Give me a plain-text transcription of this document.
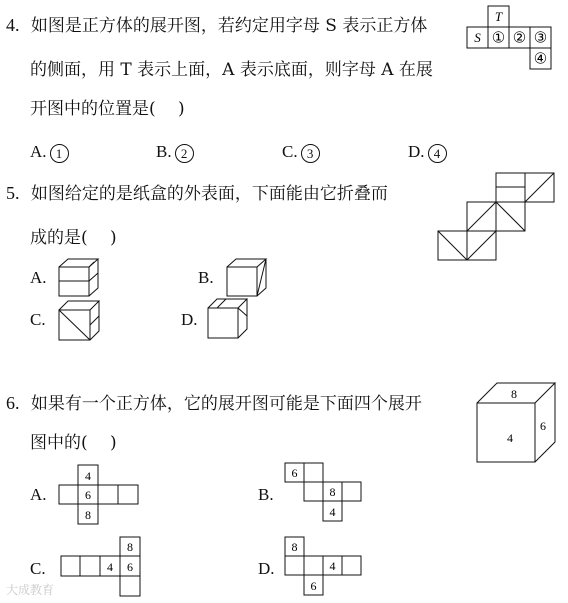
4. 如图是正方体的展开图，若约定用字母 S 表示正方体
的侧面，用 T 表示上面，A 表示底面，则字母 A 在展
开图中的位置是(　 )
T
S ① ② ③
④
A. 1	B. 2	C. 3	D. 4
5. 如图给定的是纸盒的外表面，下面能由它折叠而
成的是(　 )
A.	B.
C.	D.
6. 如果有一个正方体，它的展开图可能是下面四个展开
图中的(　 )
8
6
4
A.
4
6
8
B.
6
8
4
C.
8
4 6	D.
8
4
6
大成教育
